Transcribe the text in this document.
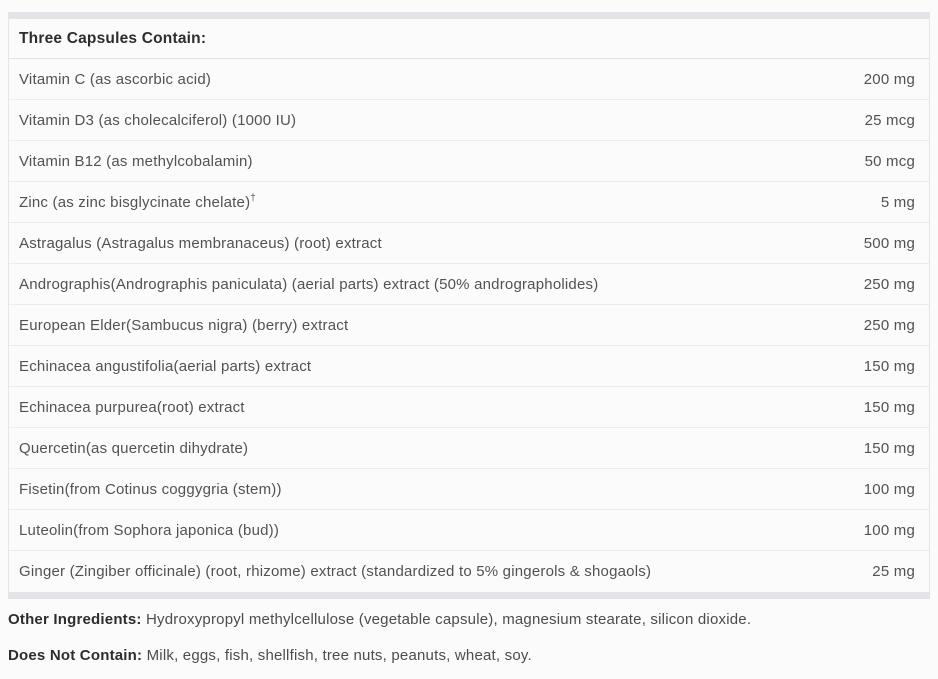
Three Capsules Contain:
Vitamin C (as ascorbic acid)	200 mg
Vitamin D3 (as cholecalciferol) (1000 IU)	25 mcg
Vitamin B12 (as methylcobalamin)	50 mcg
Zinc (as zinc bisglycinate chelate)†	5 mg
Astragalus (Astragalus membranaceus) (root) extract	500 mg
Andrographis(Andrographis paniculata) (aerial parts) extract (50% andrographolides)	250 mg
European Elder(Sambucus nigra) (berry) extract	250 mg
Echinacea angustifolia(aerial parts) extract	150 mg
Echinacea purpurea(root) extract	150 mg
Quercetin(as quercetin dihydrate)	150 mg
Fisetin(from Cotinus coggygria (stem))	100 mg
Luteolin(from Sophora japonica (bud))	100 mg
Ginger (Zingiber officinale) (root, rhizome) extract (standardized to 5% gingerols & shogaols)	25 mg

Other Ingredients: Hydroxypropyl methylcellulose (vegetable capsule), magnesium stearate, silicon dioxide.

Does Not Contain: Milk, eggs, fish, shellfish, tree nuts, peanuts, wheat, soy.
